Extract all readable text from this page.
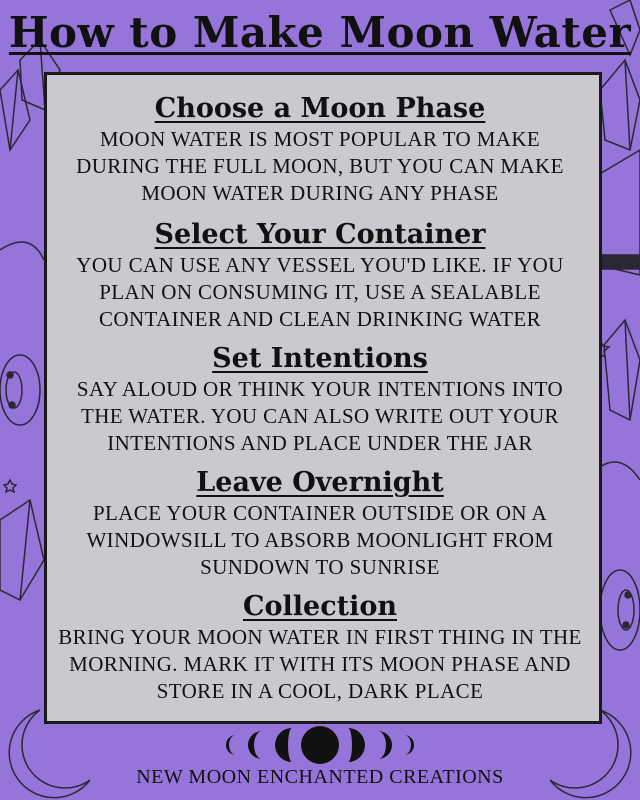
How to Make Moon Water

Choose a Moon Phase

MOON WATER IS MOST POPULAR TO MAKE
DURING THE FULL MOON, BUT YOU CAN MAKE
MOON WATER DURING ANY PHASE

Select Your Container

YOU CAN USE ANY VESSEL YOU'D LIKE. IF YOU
PLAN ON CONSUMING IT, USE A SEALABLE
CONTAINER AND CLEAN DRINKING WATER

Set Intentions

SAY ALOUD OR THINK YOUR INTENTIONS INTO
THE WATER. YOU CAN ALSO WRITE OUT YOUR
INTENTIONS AND PLACE UNDER THE JAR

Leave Overnight

PLACE YOUR CONTAINER OUTSIDE OR ON A
WINDOWSILL TO ABSORB MOONLIGHT FROM
SUNDOWN TO SUNRISE

Collection

BRING YOUR MOON WATER IN FIRST THING IN THE
MORNING. MARK IT WITH ITS MOON PHASE AND
STORE IN A COOL, DARK PLACE

NEW MOON ENCHANTED CREATIONS
